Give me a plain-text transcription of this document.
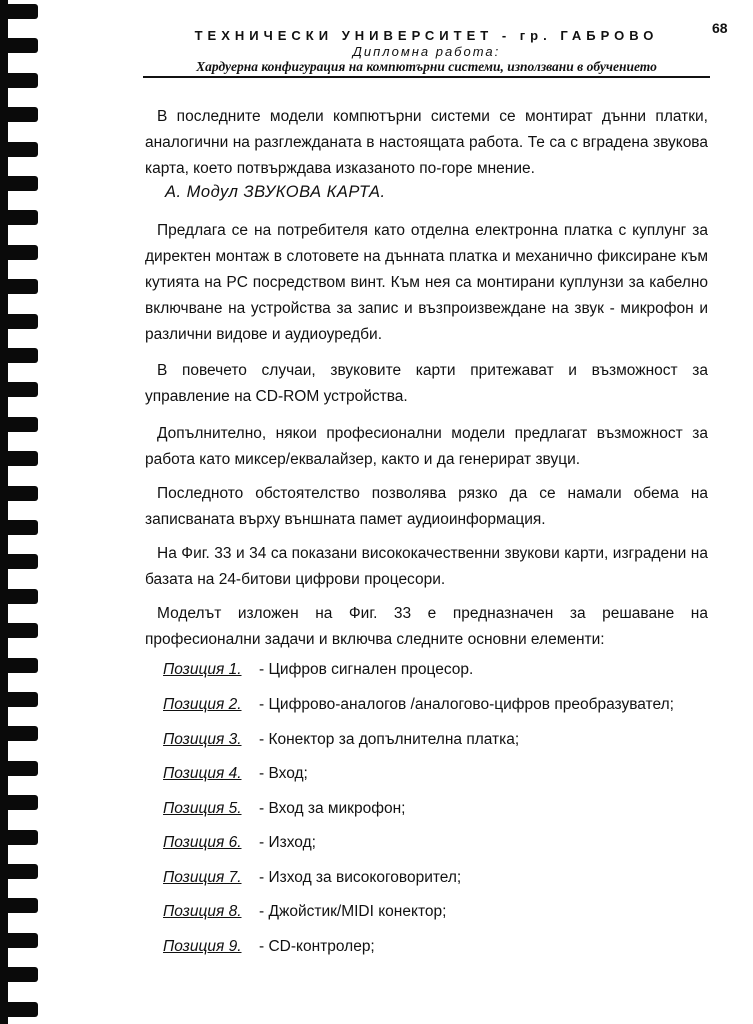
68
ТЕХНИЧЕСКИ УНИВЕРСИТЕТ - гр. ГАБРОВО
Дипломна работа:
Хардуерна конфигурация на компютърни системи, използвани в обучението

В последните модели компютърни системи се монтират дънни платки, аналогични на разглежданата в настоящата работа. Те са с вградена звукова карта, което потвърждава изказаното по-горе мнение.

А. Модул ЗВУКОВА КАРТА.

Предлага се на потребителя като отделна електронна платка с куплунг за директен монтаж в слотовете на дънната платка и механично фиксиране към кутията на PC посредством винт. Към нея са монтирани куплунзи за кабелно включване на устройства за запис и възпроизвеждане на звук - микрофон и различни видове и аудиоуредби.

В повечето случаи, звуковите карти притежават и възможност за управление на CD-ROM устройства.

Допълнително, някои професионални модели предлагат възможност за работа като миксер/еквалайзер, както и да генерират звуци.

Последното обстоятелство позволява рязко да се намали обема на записваната върху външната памет аудиоинформация.

На Фиг. 33 и 34 са показани висококачественни звукови карти, изградени на базата на 24-битови цифрови процесори.

Моделът изложен на Фиг. 33 е предназначен за решаване на професионални задачи и включва следните основни елементи:

Позиция 1. - Цифров сигнален процесор.
Позиция 2. - Цифрово-аналогов /аналогово-цифров преобразувател;
Позиция 3. - Конектор за допълнителна платка;
Позиция 4. - Вход;
Позиция 5. - Вход за микрофон;
Позиция 6. - Изход;
Позиция 7. - Изход за високоговорител;
Позиция 8. - Джойстик/MIDI конектор;
Позиция 9. - CD-контролер;
